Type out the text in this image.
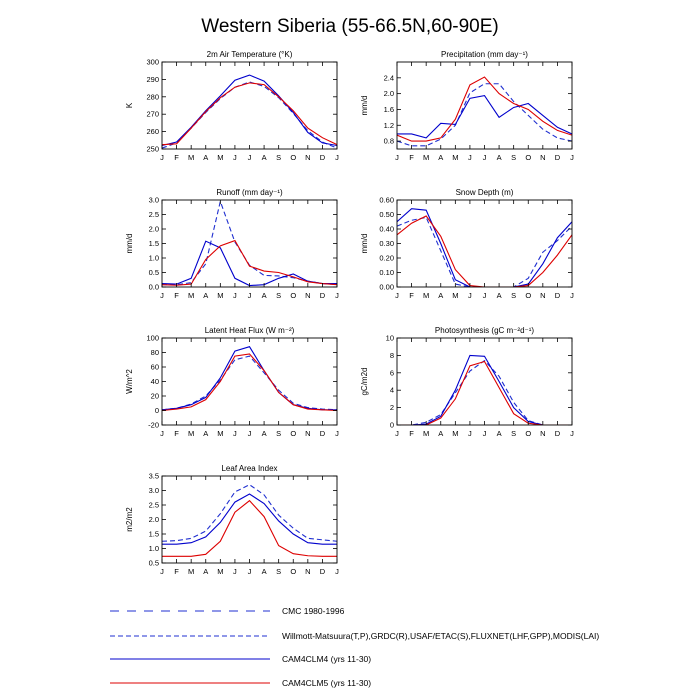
Western Siberia (55-66.5N,60-90E)
2m Air Temperature (°K)
K
J F M A M J J A S O N D J
250
260
270
280
290
300
Precipitation (mm day⁻¹)
mm/d
J F M A M J J A S O N D J
0.8
1.2
1.6
2.0
2.4
Runoff (mm day⁻¹)
mm/d
J F M A M J J A S O N D J
0.0
0.5
1.0
1.5
2.0
2.5
3.0
Snow Depth (m)
mm/d
J F M A M J J A S O N D J
0.00
0.10
0.20
0.30
0.40
0.50
0.60
Latent Heat Flux (W m⁻²)
W/m^2
J F M A M J J A S O N D J
-20
0
20
40
60
80
100
Photosynthesis (gC m⁻²d⁻¹)
gC/m2d
J F M A M J J A S O N D J
0
2
4
6
8
10
Leaf Area Index
m2/m2
J F M A M J J A S O N D J
0.5
1.0
1.5
2.0
2.5
3.0
3.5
CMC 1980-1996
Willmott-Matsuura(T,P),GRDC(R),USAF/ETAC(S),FLUXNET(LHF,GPP),MODIS(LAI)
CAM4CLM4 (yrs 11-30)
CAM4CLM5 (yrs 11-30)
